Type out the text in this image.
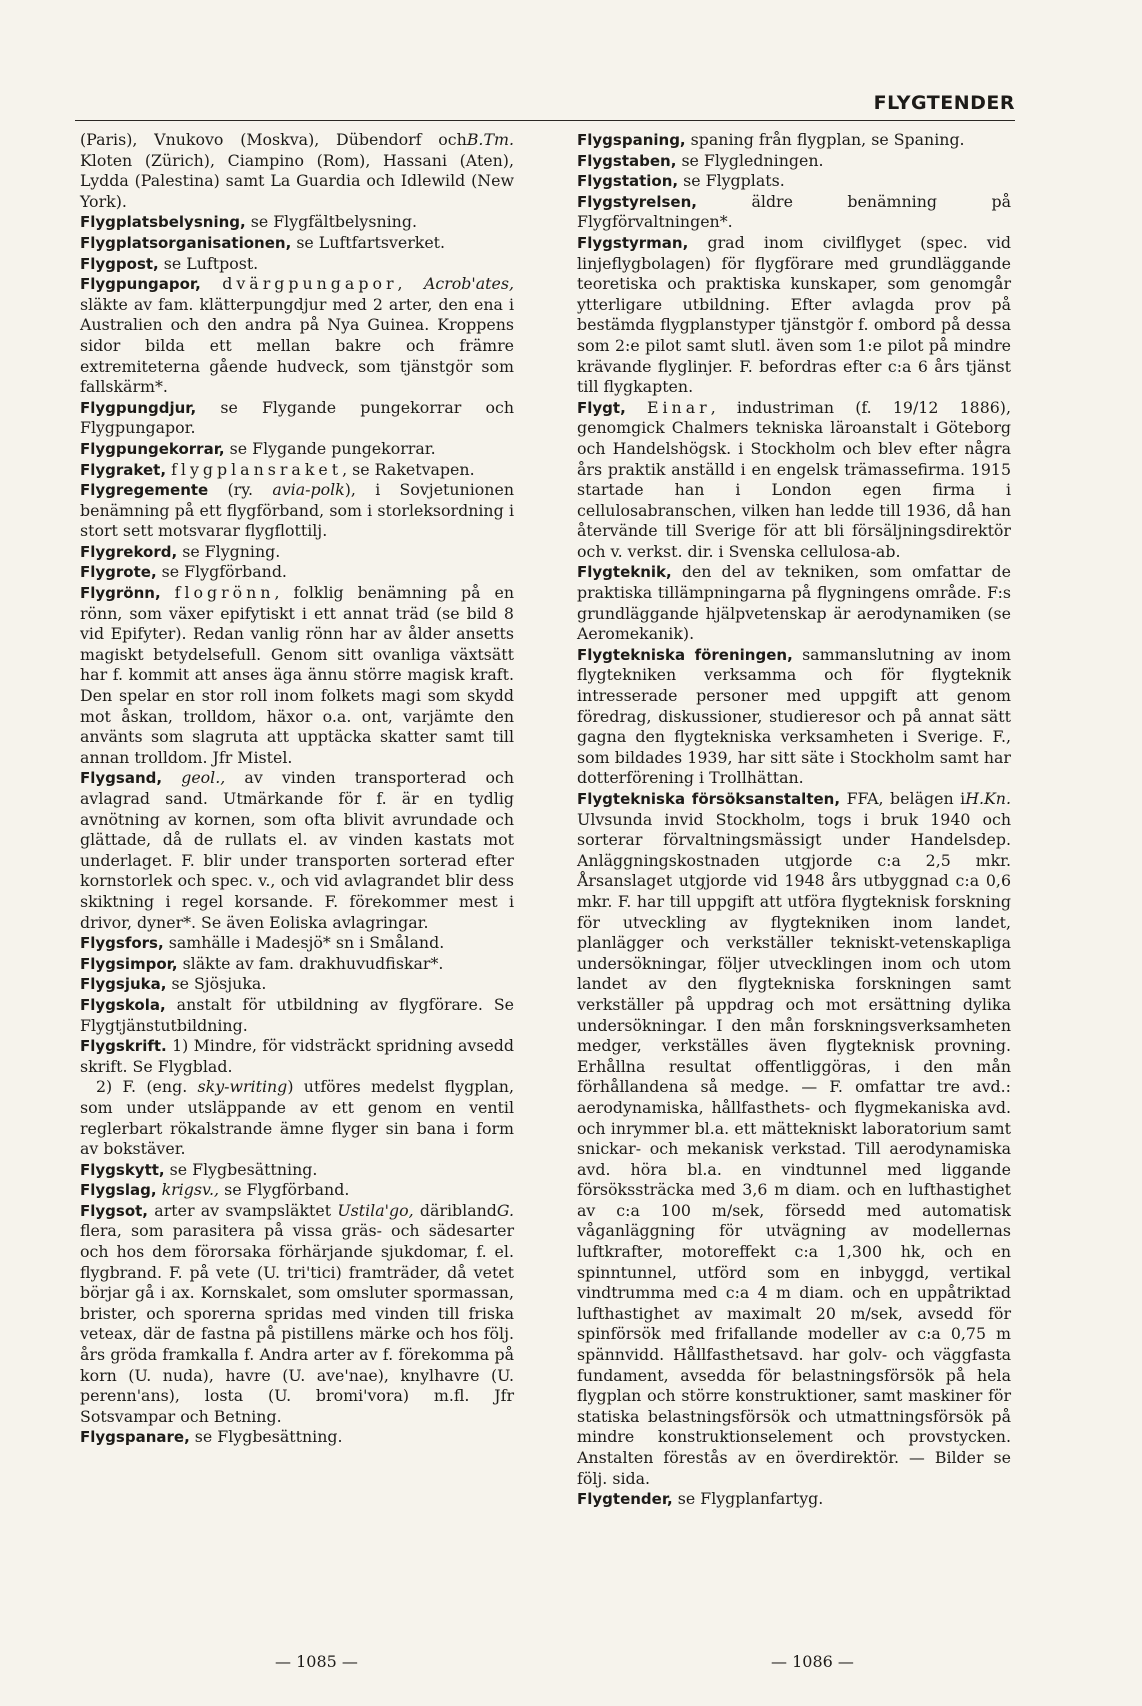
FLYGTENDER

B.Tm.
(Paris), Vnukovo (Moskva), Dübendorf och Kloten (Zürich), Ciampino (Rom), Hassani (Aten), Lydda (Palestina) samt La Guardia och Idlewild (New York).

Flygplatsbelysning, se Flygfältbelysning.

Flygplatsorganisationen, se Luftfartsverket.

Flygpost, se Luftpost.

Flygpungapor, dvärgpungapor, Acrob'ates, släkte av fam. klätterpungdjur med 2 arter, den ena i Australien och den andra på Nya Guinea. Kroppens sidor bilda ett mellan bakre och främre extremiteterna gående hudveck, som tjänstgör som fallskärm*.

Flygpungdjur, se Flygande pungekorrar och Flygpungapor.

Flygpungekorrar, se Flygande pungekorrar.

Flygraket, flygplansraket, se Raketvapen.

Flygregemente (ry. avia-polk), i Sovjetunionen benämning på ett flygförband, som i storleksordning i stort sett motsvarar flygflottilj.

Flygrekord, se Flygning.

Flygrote, se Flygförband.

Flygrönn, flogrönn, folklig benämning på en rönn, som växer epifytiskt i ett annat träd (se bild 8 vid Epifyter). Redan vanlig rönn har av ålder ansetts magiskt betydelsefull. Genom sitt ovanliga växtsätt har f. kommit att anses äga ännu större magisk kraft. Den spelar en stor roll inom folkets magi som skydd mot åskan, trolldom, häxor o.a. ont, varjämte den använts som slagruta att upptäcka skatter samt till annan trolldom. Jfr Mistel.

Flygsand, geol., av vinden transporterad och avlagrad sand. Utmärkande för f. är en tydlig avnötning av kornen, som ofta blivit avrundade och glättade, då de rullats el. av vinden kastats mot underlaget. F. blir under transporten sorterad efter kornstorlek och spec. v., och vid avlagrandet blir dess skiktning i regel korsande. F. förekommer mest i drivor, dyner*. Se även Eoliska avlagringar.

Flygsfors, samhälle i Madesjö* sn i Småland.

Flygsimpor, släkte av fam. drakhuvudfiskar*.

Flygsjuka, se Sjösjuka.

Flygskola, anstalt för utbildning av flygförare. Se Flygtjänstutbildning.

Flygskrift. 1) Mindre, för vidsträckt spridning avsedd skrift. Se Flygblad.

2) F. (eng. sky-writing) utföres medelst flygplan, som under utsläppande av ett genom en ventil reglerbart rökalstrande ämne flyger sin bana i form av bokstäver.

Flygskytt, se Flygbesättning.

Flygslag, krigsv., se Flygförband.

G.
Flygsot, arter av svampsläktet Ustila'go, däribland flera, som parasitera på vissa gräs- och sädesarter och hos dem förorsaka förhärjande sjukdomar, f. el. flygbrand. F. på vete (U. tri'tici) framträder, då vetet börjar gå i ax. Kornskalet, som omsluter spormassan, brister, och sporerna spridas med vinden till friska veteax, där de fastna på pistillens märke och hos följ. års gröda framkalla f. Andra arter av f. förekomma på korn (U. nuda), havre (U. ave'nae), knylhavre (U. perenn'ans), losta (U. bromi'vora) m.fl. Jfr Sotsvampar och Betning.

Flygspanare, se Flygbesättning.

Flygspaning, spaning från flygplan, se Spaning.

Flygstaben, se Flygledningen.

Flygstation, se Flygplats.

Flygstyrelsen, äldre benämning på Flygförvaltningen*.

Flygstyrman, grad inom civilflyget (spec. vid linjeflygbolagen) för flygförare med grundläggande teoretiska och praktiska kunskaper, som genomgår ytterligare utbildning. Efter avlagda prov på bestämda flygplanstyper tjänstgör f. ombord på dessa som 2:e pilot samt slutl. även som 1:e pilot på mindre krävande flyglinjer. F. befordras efter c:a 6 års tjänst till flygkapten.

Flygt, Einar, industriman (f. 19/12 1886), genomgick Chalmers tekniska läroanstalt i Göteborg och Handelshögsk. i Stockholm och blev efter några års praktik anställd i en engelsk trämassefirma. 1915 startade han i London egen firma i cellulosabranschen, vilken han ledde till 1936, då han återvände till Sverige för att bli försäljningsdirektör och v. verkst. dir. i Svenska cellulosa-ab.

Flygteknik, den del av tekniken, som omfattar de praktiska tillämpningarna på flygningens område. F:s grundläggande hjälpvetenskap är aerodynamiken (se Aeromekanik).

Flygtekniska föreningen, sammanslutning av inom flygtekniken verksamma och för flygteknik intresserade personer med uppgift att genom föredrag, diskussioner, studieresor och på annat sätt gagna den flygtekniska verksamheten i Sverige. F., som bildades 1939, har sitt säte i Stockholm samt har dotterförening i Trollhättan.

H.Kn.
Flygtekniska försöksanstalten, FFA, belägen i Ulvsunda invid Stockholm, togs i bruk 1940 och sorterar förvaltningsmässigt under Handelsdep. Anläggningskostnaden utgjorde c:a 2,5 mkr. Årsanslaget utgjorde vid 1948 års utbyggnad c:a 0,6 mkr. F. har till uppgift att utföra flygteknisk forskning för utveckling av flygtekniken inom landet, planlägger och verkställer tekniskt-vetenskapliga undersökningar, följer utvecklingen inom och utom landet av den flygtekniska forskningen samt verkställer på uppdrag och mot ersättning dylika undersökningar. I den mån forskningsverksamheten medger, verkställes även flygteknisk provning. Erhållna resultat offentliggöras, i den mån förhållandena så medge. — F. omfattar tre avd.: aerodynamiska, hållfasthets- och flygmekaniska avd. och inrymmer bl.a. ett mättekniskt laboratorium samt snickar- och mekanisk verkstad. Till aerodynamiska avd. höra bl.a. en vindtunnel med liggande försökssträcka med 3,6 m diam. och en lufthastighet av c:a 100 m/sek, försedd med automatisk våganläggning för utvägning av modellernas luftkrafter, motoreffekt c:a 1,300 hk, och en spinntunnel, utförd som en inbyggd, vertikal vindtrumma med c:a 4 m diam. och en uppåtriktad lufthastighet av maximalt 20 m/sek, avsedd för spinförsök med frifallande modeller av c:a 0,75 m spännvidd. Hållfasthetsavd. har golv- och väggfasta fundament, avsedda för belastningsförsök på hela flygplan och större konstruktioner, samt maskiner för statiska belastningsförsök och utmattningsförsök på mindre konstruktionselement och provstycken. Anstalten förestås av en överdirektör. — Bilder se följ. sida.

Flygtender, se Flygplanfartyg.

— 1085 —	— 1086 —
